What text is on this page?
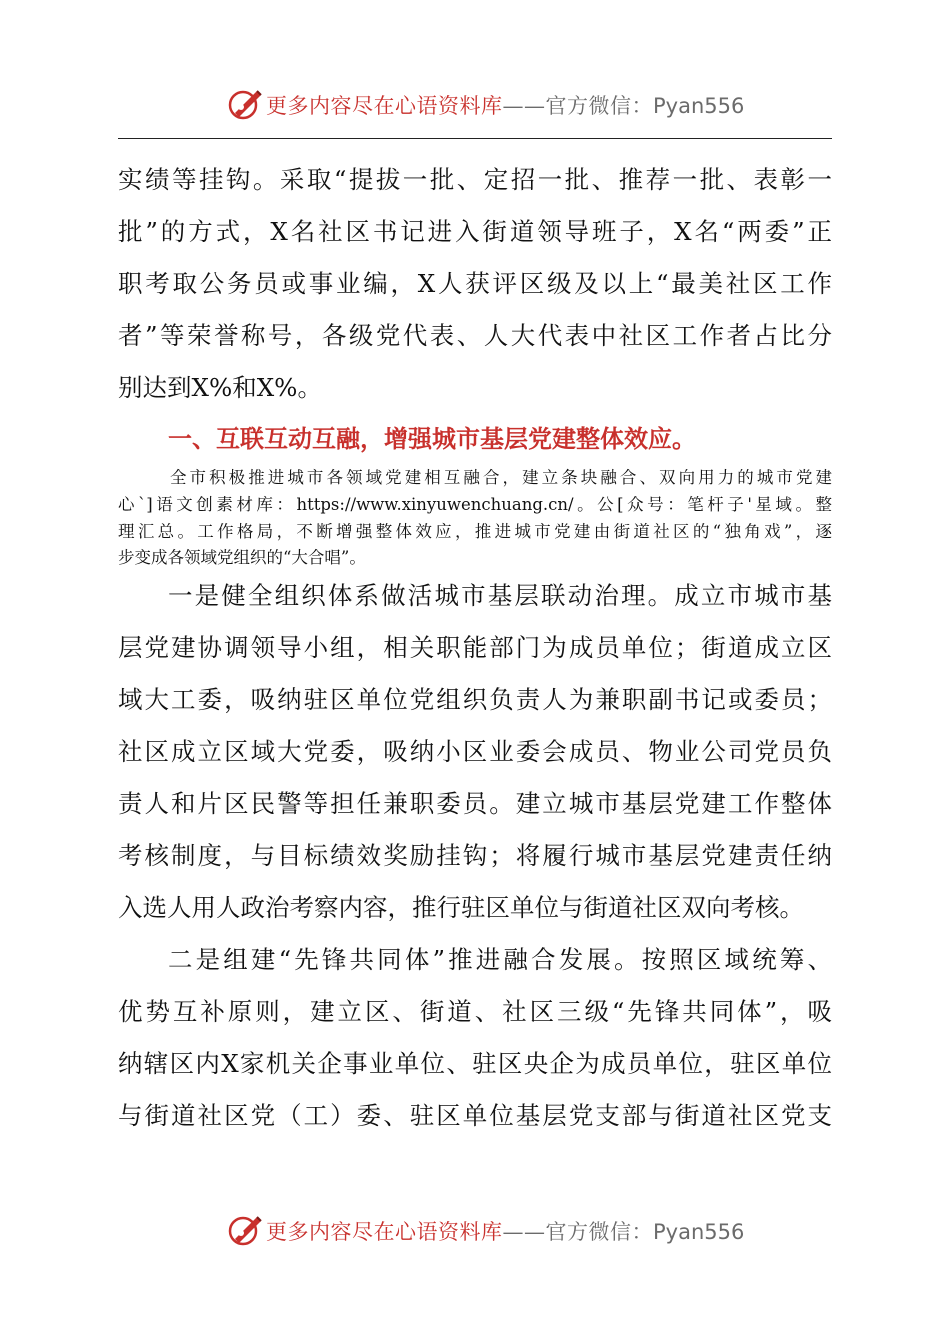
更多内容尽在心语资料库——官方微信：Pyan556
实绩等挂钩。采取“提拔一批、定招一批、推荐一批、表彰一
批”的方式，X名社区书记进入街道领导班子，X名“两委”正
职考取公务员或事业编，X人获评区级及以上“最美社区工作
者”等荣誉称号，各级党代表、人大代表中社区工作者占比分
别达到X%和X%。
一、互联互动互融，增强城市基层党建整体效应。
全市积极推进城市各领域党建相互融合，建立条块融合、双向用力的城市党建
心`]语文创素材库：https://www.xinyuwenchuang.cn/。公[众号：笔杆子'星域。整
理汇总。工作格局，不断增强整体效应，推进城市党建由街道社区的“独角戏”，逐
步变成各领域党组织的“大合唱”。
一是健全组织体系做活城市基层联动治理。成立市城市基
层党建协调领导小组，相关职能部门为成员单位；街道成立区
域大工委，吸纳驻区单位党组织负责人为兼职副书记或委员；
社区成立区域大党委，吸纳小区业委会成员、物业公司党员负
责人和片区民警等担任兼职委员。建立城市基层党建工作整体
考核制度，与目标绩效奖励挂钩；将履行城市基层党建责任纳
入选人用人政治考察内容，推行驻区单位与街道社区双向考核。
二是组建“先锋共同体”推进融合发展。按照区域统筹、
优势互补原则，建立区、街道、社区三级“先锋共同体”，吸
纳辖区内X家机关企事业单位、驻区央企为成员单位，驻区单位
与街道社区党（工）委、驻区单位基层党支部与街道社区党支
更多内容尽在心语资料库——官方微信：Pyan556
